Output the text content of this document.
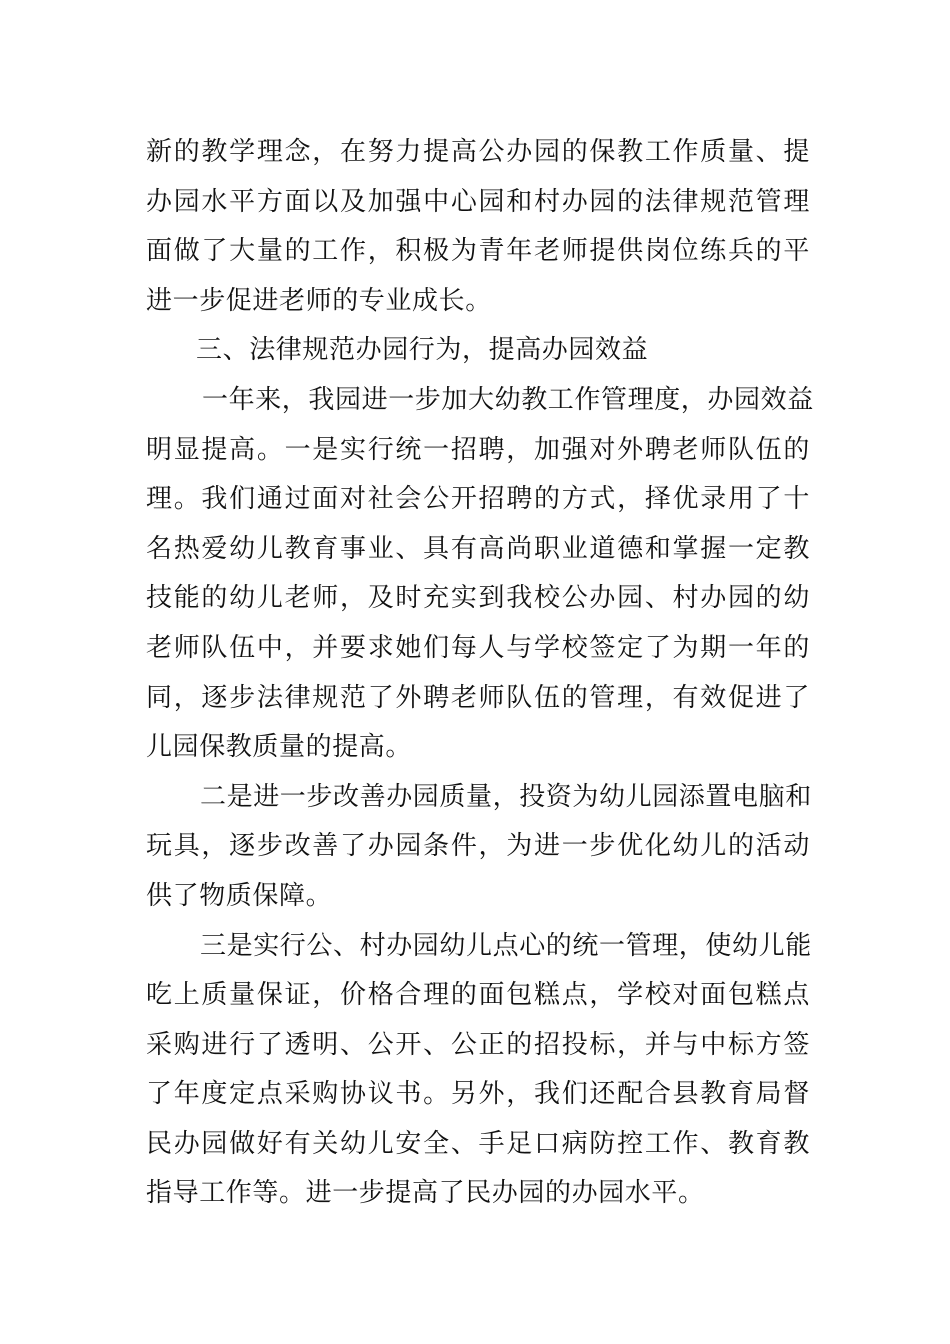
新的教学理念，在努力提高公办园的保教工作质量、提
办园水平方面以及加强中心园和村办园的法律规范管理
面做了大量的工作，积极为青年老师提供岗位练兵的平
进一步促进老师的专业成长。
三、法律规范办园行为，提高办园效益
一年来，我园进一步加大幼教工作管理度，办园效益
明显提高。一是实行统一招聘，加强对外聘老师队伍的
理。我们通过面对社会公开招聘的方式，择优录用了十
名热爱幼儿教育事业、具有高尚职业道德和掌握一定教
技能的幼儿老师，及时充实到我校公办园、村办园的幼
老师队伍中，并要求她们每人与学校签定了为期一年的
同，逐步法律规范了外聘老师队伍的管理，有效促进了
儿园保教质量的提高。
二是进一步改善办园质量，投资为幼儿园添置电脑和
玩具，逐步改善了办园条件，为进一步优化幼儿的活动
供了物质保障。
三是实行公、村办园幼儿点心的统一管理，使幼儿能
吃上质量保证，价格合理的面包糕点，学校对面包糕点
采购进行了透明、公开、公正的招投标，并与中标方签
了年度定点采购协议书。另外，我们还配合县教育局督
民办园做好有关幼儿安全、手足口病防控工作、教育教
指导工作等。进一步提高了民办园的办园水平。
